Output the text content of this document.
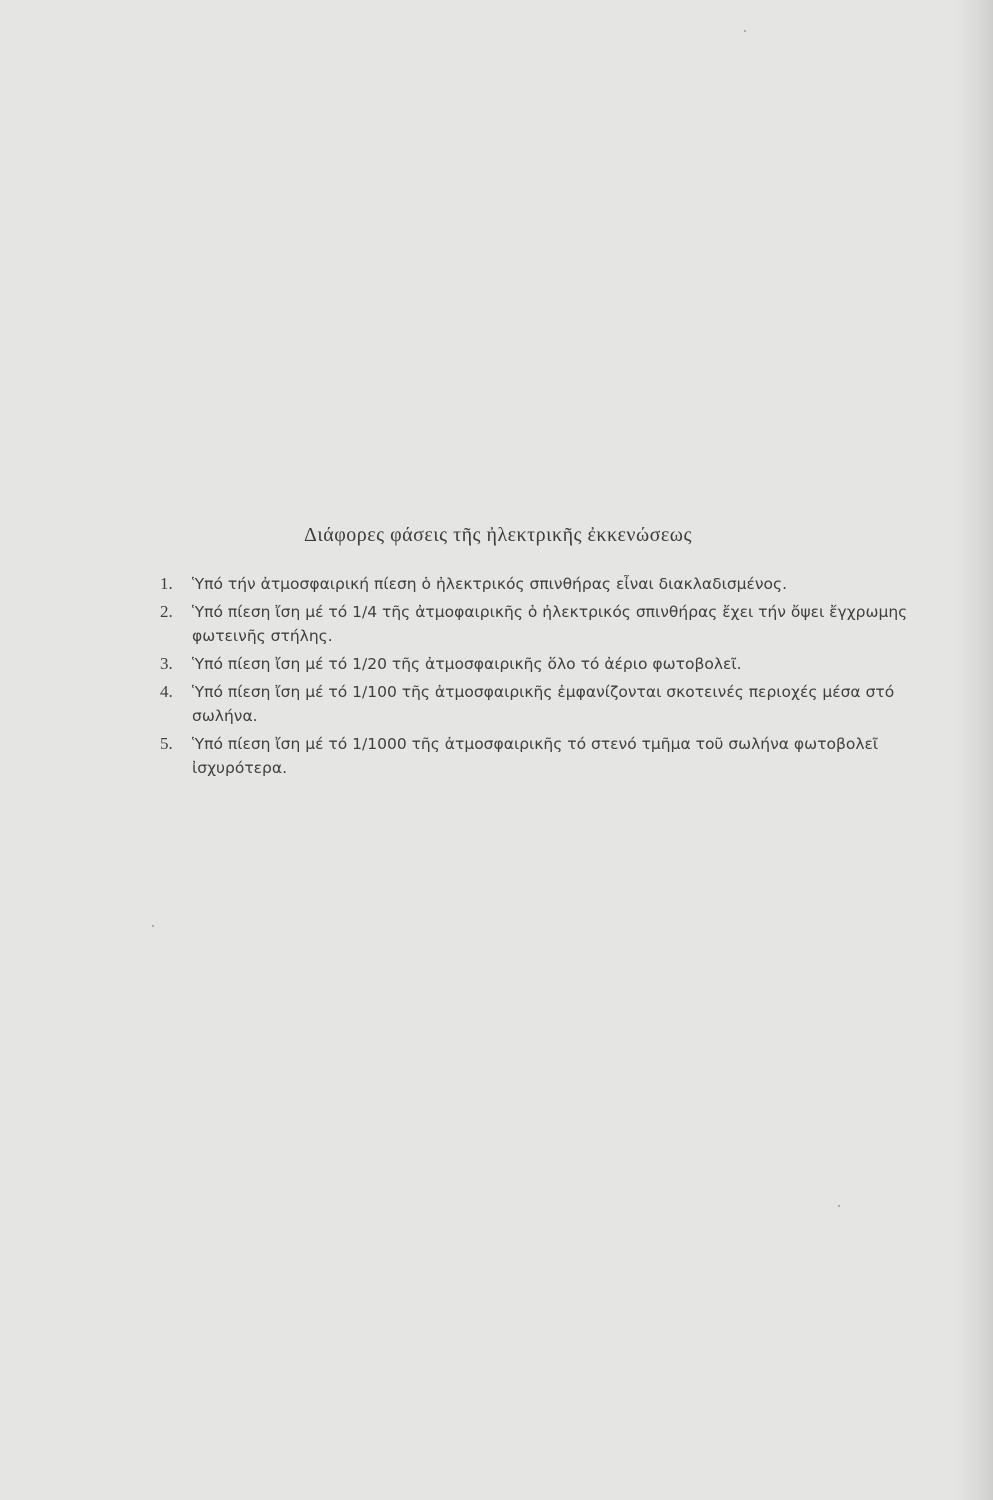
Διάφορες φάσεις τῆς ἠλεκτρικῆς ἐκκενώσεως
1.	Ὑπό τήν ἀτμοσφαιρική πίεση ὁ ἠλεκτρικός σπινθήρας εἶναι διακλαδισμένος.
2.	Ὑπό πίεση ἴση μέ τό 1/4 τῆς ἀτμοφαιρικῆς ὁ ἠλεκτρικός σπινθήρας ἔχει τήν ὄψει ἔγχρωμης φωτεινῆς στήλης.
3.	Ὑπό πίεση ἴση μέ τό 1/20 τῆς ἀτμοσφαιρικῆς ὅλο τό ἀέριο φωτοβολεῖ.
4.	Ὑπό πίεση ἴση μέ τό 1/100 τῆς ἀτμοσφαιρικῆς ἐμφανίζονται σκοτεινές περιοχές μέσα στό σωλήνα.
5.	Ὑπό πίεση ἴση μέ τό 1/1000 τῆς ἀτμοσφαιρικῆς τό στενό τμῆμα τοῦ σωλήνα φωτοβολεῖ ἰσχυρότερα.
